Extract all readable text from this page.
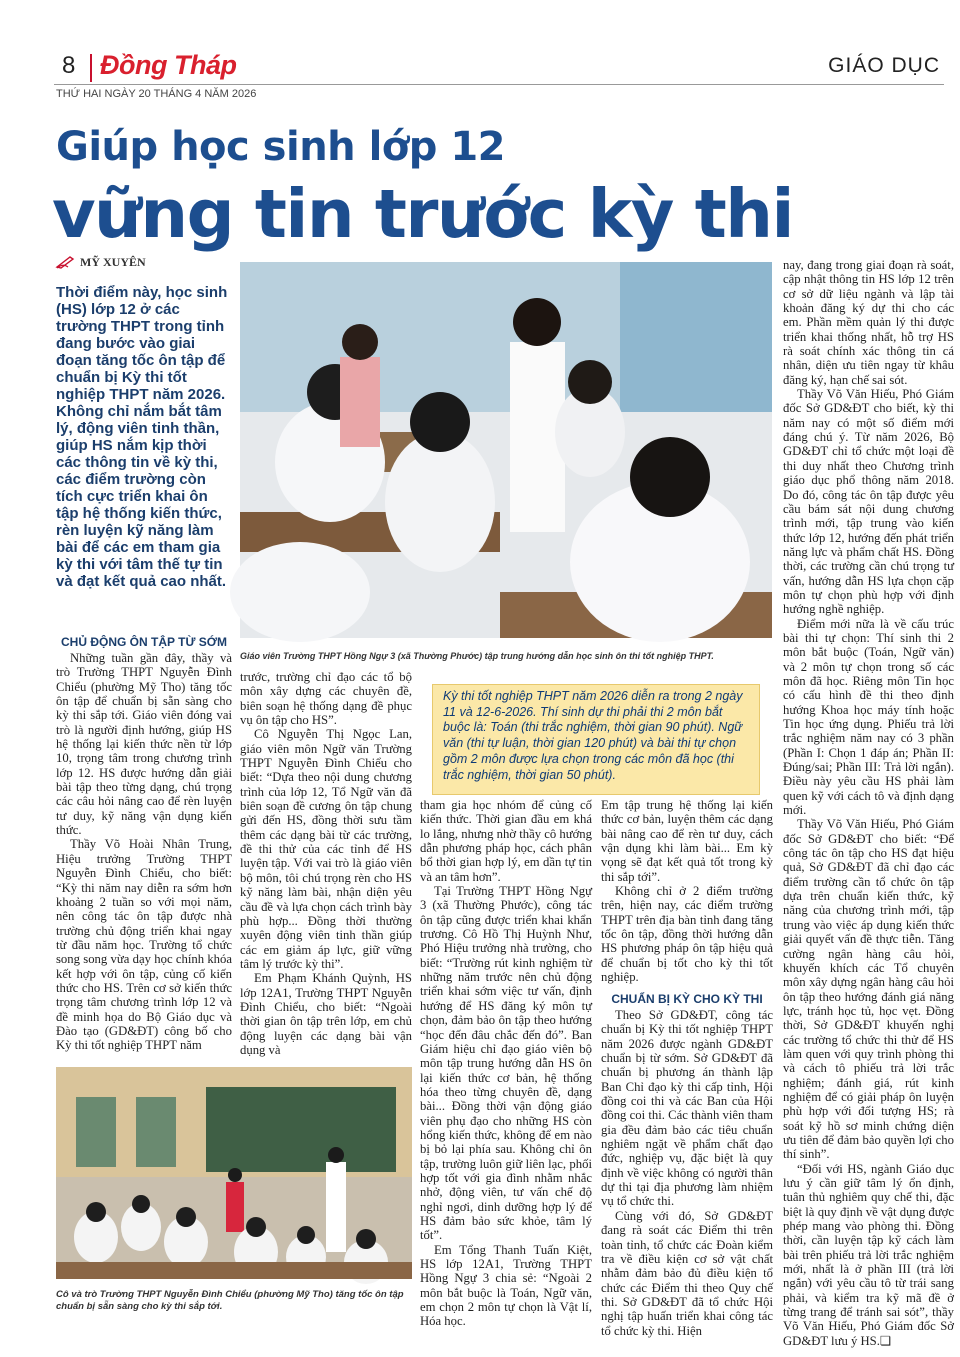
8 Đồng Tháp	GIÁO DỤC
THỨ HAI NGÀY 20 THÁNG 4 NĂM 2026
Giúp học sinh lớp 12
vững tin trước kỳ thi
MỸ XUYÊN
Thời điểm này, học sinh (HS) lớp 12 ở các trường THPT trong tỉnh đang bước vào giai đoạn tăng tốc ôn tập để chuẩn bị Kỳ thi tốt nghiệp THPT năm 2026. Không chỉ nắm bắt tâm lý, động viên tinh thần, giúp HS nắm kịp thời các thông tin về kỳ thi, các điểm trường còn tích cực triển khai ôn tập hệ thống kiến thức, rèn luyện kỹ năng làm bài để các em tham gia kỳ thi với tâm thế tự tin và đạt kết quả cao nhất.
Giáo viên Trường THPT Hồng Ngự 3 (xã Thường Phước) tập trung hướng dẫn học sinh ôn thi tốt nghiệp THPT.
Kỳ thi tốt nghiệp THPT năm 2026 diễn ra trong 2 ngày 11 và 12-6-2026. Thí sinh dự thi phải thi 2 môn bắt buộc là: Toán (thi trắc nghiệm, thời gian 90 phút). Ngữ văn (thi tự luận, thời gian 120 phút) và bài thi tự chọn gồm 2 môn được lựa chọn trong các môn đã học (thi trắc nghiệm, thời gian 50 phút).
CHỦ ĐỘNG ÔN TẬP TỪ SỚM

Những tuần gần đây, thầy và trò Trường THPT Nguyễn Đình Chiểu (phường Mỹ Tho) tăng tốc ôn tập để chuẩn bị sẵn sàng cho kỳ thi sắp tới. Giáo viên đóng vai trò là người định hướng, giúp HS hệ thống lại kiến thức nền từ lớp 10, trọng tâm trong chương trình lớp 12. HS được hướng dẫn giải bài tập theo từng dạng, chú trọng các câu hỏi nâng cao để rèn luyện tư duy, kỹ năng vận dụng kiến thức.

Thầy Võ Hoài Nhân Trung, Hiệu trưởng Trường THPT Nguyễn Đình Chiểu, cho biết: “Kỳ thi năm nay diễn ra sớm hơn khoảng 2 tuần so với mọi năm, nên công tác ôn tập được nhà trường chủ động triển khai ngay từ đầu năm học. Trường tổ chức song song vừa dạy học chính khóa kết hợp với ôn tập, củng cố kiến thức cho HS. Trên cơ sở kiến thức trọng tâm chương trình lớp 12 và đề minh họa do Bộ Giáo dục và Đào tạo (GD&ĐT) công bố cho Kỳ thi tốt nghiệp THPT năm

trước, trường chỉ đạo các tổ bộ môn xây dựng các chuyên đề, biên soạn hệ thống dạng đề phục vụ ôn tập cho HS”.

Cô Nguyễn Thị Ngọc Lan, giáo viên môn Ngữ văn Trường THPT Nguyễn Đình Chiểu cho biết: “Dựa theo nội dung chương trình của lớp 12, Tổ Ngữ văn đã biên soạn đề cương ôn tập chung gửi đến HS, đồng thời sưu tầm thêm các dạng bài từ các trường, đề thi thử của các tỉnh để HS luyện tập. Với vai trò là giáo viên bộ môn, tôi chú trọng rèn cho HS kỹ năng làm bài, nhận diện yêu cầu đề và lựa chọn cách trình bày phù hợp... Đồng thời thường xuyên động viên tinh thần giúp các em giảm áp lực, giữ vững tâm lý trước kỳ thi”.

Em Phạm Khánh Quỳnh, HS lớp 12A1, Trường THPT Nguyễn Đình Chiểu, cho biết: “Ngoài thời gian ôn tập trên lớp, em chủ động luyện các dạng bài vận dụng và

Cô và trò Trường THPT Nguyễn Đình Chiểu (phường Mỹ Tho) tăng tốc ôn tập chuẩn bị sẵn sàng cho kỳ thi sắp tới.

tham gia học nhóm để củng cố kiến thức. Thời gian đầu em khá lo lắng, nhưng nhờ thầy cô hướng dẫn phương pháp học, cách phân bổ thời gian hợp lý, em dần tự tin và an tâm hơn”.

Tại Trường THPT Hồng Ngự 3 (xã Thường Phước), công tác ôn tập cũng được triển khai khẩn trương. Cô Hồ Thị Huỳnh Như, Phó Hiệu trưởng nhà trường, cho biết: “Trường rút kinh nghiệm từ những năm trước nên chủ động triển khai sớm việc tư vấn, định hướng để HS đăng ký môn tự chọn, đảm bảo ôn tập theo hướng “học đến đâu chắc đến đó”. Ban Giám hiệu chỉ đạo giáo viên bộ môn tập trung hướng dẫn HS ôn lại kiến thức cơ bản, hệ thống hóa theo từng chuyên đề, dạng bài... Đồng thời vận động giáo viên phụ đạo cho những HS còn hổng kiến thức, không để em nào bị bỏ lại phía sau. Không chỉ ôn tập, trường luôn giữ liên lạc, phối hợp tốt với gia đình nhằm nhắc nhở, động viên, tư vấn chế độ nghỉ ngơi, dinh dưỡng hợp lý để HS đảm bảo sức khỏe, tâm lý tốt”.

Em Tổng Thanh Tuấn Kiệt, HS lớp 12A1, Trường THPT Hồng Ngự 3 chia sẻ: “Ngoài 2 môn bắt buộc là Toán, Ngữ văn, em chọn 2 môn tự chọn là Vật lí, Hóa học.

Em tập trung hệ thống lại kiến thức cơ bản, luyện thêm các dạng bài nâng cao để rèn tư duy, cách vận dụng khi làm bài... Em kỳ vọng sẽ đạt kết quả tốt trong kỳ thi sắp tới”.

Không chỉ ở 2 điểm trường trên, hiện nay, các điểm trường THPT trên địa bàn tỉnh đang tăng tốc ôn tập, đồng thời hướng dẫn HS phương pháp ôn tập hiệu quả để chuẩn bị tốt cho kỳ thi tốt nghiệp.

CHUẨN BỊ KỲ CHO KỲ THI

Theo Sở GD&ĐT, công tác chuẩn bị Kỳ thi tốt nghiệp THPT năm 2026 được ngành GD&ĐT chuẩn bị từ sớm. Sở GD&ĐT đã chuẩn bị phương án thành lập Ban Chỉ đạo kỳ thi cấp tỉnh, Hội đồng coi thi và các Ban của Hội đồng coi thi. Các thành viên tham gia đều đảm bảo các tiêu chuẩn nghiêm ngặt về phẩm chất đạo đức, nghiệp vụ, đặc biệt là quy định về việc không có người thân dự thi tại địa phương làm nhiệm vụ tổ chức thi.

Cùng với đó, Sở GD&ĐT đang rà soát các Điểm thi trên toàn tỉnh, tổ chức các Đoàn kiểm tra về điều kiện cơ sở vật chất nhằm đảm bảo đủ điều kiện tổ chức các Điểm thi theo Quy chế thi. Sở GD&ĐT đã tổ chức Hội nghị tập huấn triển khai công tác tổ chức kỳ thi. Hiện

nay, đang trong giai đoạn rà soát, cập nhật thông tin HS lớp 12 trên cơ sở dữ liệu ngành và lập tài khoản đăng ký dự thi cho các em. Phần mềm quản lý thi được triển khai thống nhất, hỗ trợ HS rà soát chính xác thông tin cá nhân, diện ưu tiên ngay từ khâu đăng ký, hạn chế sai sót.

Thầy Võ Văn Hiếu, Phó Giám đốc Sở GD&ĐT cho biết, kỳ thi năm nay có một số điểm mới đáng chú ý. Từ năm 2026, Bộ GD&ĐT chỉ tổ chức một loại đề thi duy nhất theo Chương trình giáo dục phổ thông năm 2018. Do đó, công tác ôn tập được yêu cầu bám sát nội dung chương trình mới, tập trung vào kiến thức lớp 12, hướng đến phát triển năng lực và phẩm chất HS. Đồng thời, các trường cần chú trọng tư vấn, hướng dẫn HS lựa chọn cặp môn tự chọn phù hợp với định hướng nghề nghiệp.

Điểm mới nữa là về cấu trúc bài thi tự chọn: Thí sinh thi 2 môn bắt buộc (Toán, Ngữ văn) và 2 môn tự chọn trong số các môn đã học. Riêng môn Tin học có cấu hình đề thi theo định hướng Khoa học máy tính hoặc Tin học ứng dụng. Phiếu trả lời trắc nghiệm năm nay có 3 phần (Phần I: Chọn 1 đáp án; Phần II: Đúng/sai; Phần III: Trả lời ngắn). Điều này yêu cầu HS phải làm quen kỹ với cách tô và định dạng mới.

Thầy Võ Văn Hiếu, Phó Giám đốc Sở GD&ĐT cho biết: “Để công tác ôn tập cho HS đạt hiệu quả, Sở GD&ĐT đã chỉ đạo các điểm trường cần tổ chức ôn tập dựa trên chuẩn kiến thức, kỹ năng của chương trình mới, tập trung vào việc áp dụng kiến thức giải quyết vấn đề thực tiễn. Tăng cường ngân hàng câu hỏi, khuyến khích các Tổ chuyên môn xây dựng ngân hàng câu hỏi ôn tập theo hướng đánh giá năng lực, tránh học tủ, học vẹt. Đồng thời, Sở GD&ĐT khuyến nghị các trường tổ chức thi thử để HS làm quen với quy trình phòng thi và cách tô phiếu trả lời trắc nghiệm; đánh giá, rút kinh nghiệm để có giải pháp ôn luyện phù hợp với đối tượng HS; rà soát kỹ hồ sơ minh chứng diện ưu tiên để đảm bảo quyền lợi cho thí sinh”.

“Đối với HS, ngành Giáo dục lưu ý cần giữ tâm lý ổn định, tuân thủ nghiêm quy chế thi, đặc biệt là quy định về vật dụng được phép mang vào phòng thi. Đồng thời, cần luyện tập kỹ cách làm bài trên phiếu trả lời trắc nghiệm mới, nhất là ở phần III (trả lời ngắn) với yêu cầu tô từ trái sang phải, và kiểm tra kỹ mã đề ở từng trang để tránh sai sót”, thầy Võ Văn Hiếu, Phó Giám đốc Sở GD&ĐT lưu ý HS.❏
